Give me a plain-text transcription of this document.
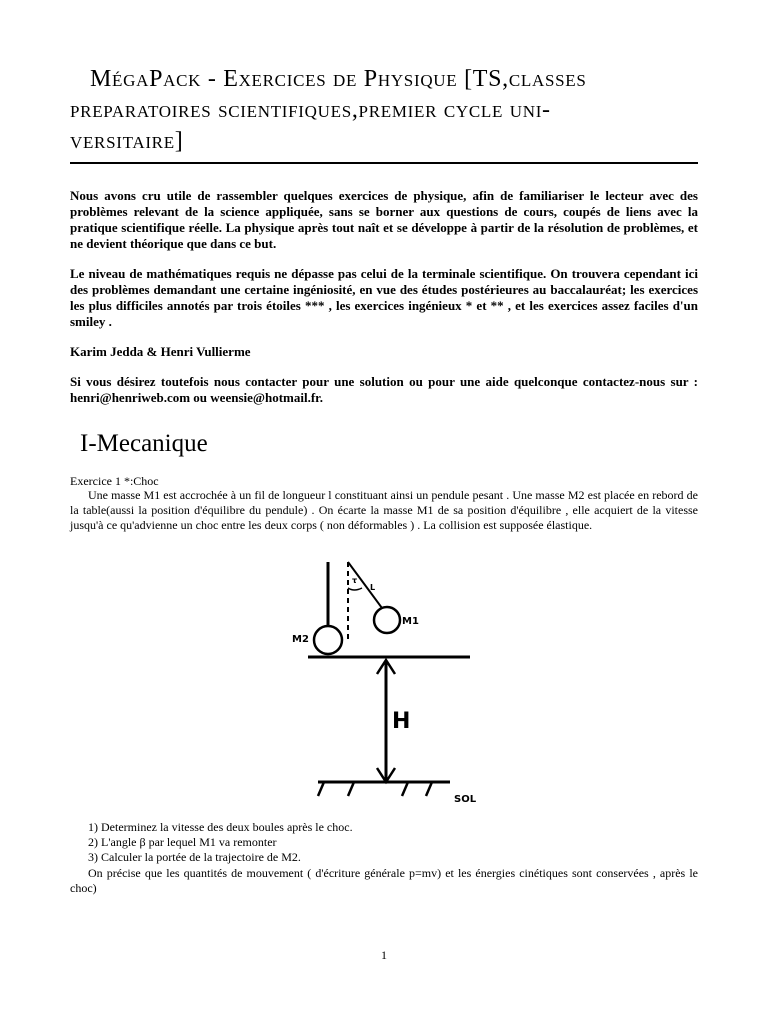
MégaPack - Exercices de Physique [TS,classes
preparatoires scientifiques,premier cycle uni-
versitaire]
Nous avons cru utile de rassembler quelques exercices de physique, afin de familiariser le lecteur avec des problèmes relevant de la science appliquée, sans se borner aux questions de cours, coupés de liens avec la pratique scientifique réelle. La physique après tout naît et se développe à partir de la résolution de problèmes, et ne devient théorique que dans ce but.
Le niveau de mathématiques requis ne dépasse pas celui de la terminale scientifique. On trouvera cependant ici des problèmes demandant une certaine ingéniosité, en vue des études postérieures au baccalauréat; les exercices les plus difficiles annotés par trois étoiles *** , les exercices ingénieux * et ** , et les exercices assez faciles d'un smiley .
Karim Jedda & Henri Vullierme
Si vous désirez toutefois nous contacter pour une solution ou pour une aide quelconque contactez-nous sur : henri@henriweb.com ou weensie@hotmail.fr.
I-Mecanique
Exercice 1 *:Choc
Une masse M1 est accrochée à un fil de longueur l constituant ainsi un pendule pesant . Une masse M2 est placée en rebord de la table(aussi la position d'équilibre du pendule) . On écarte la masse M1 de sa position d'équilibre , elle acquiert de la vitesse jusqu'à ce qu'advienne un choc entre les deux corps ( non déformables ) . La collision est supposée élastique.
τ
L
M2
M1
H
SOL
1) Determinez la vitesse des deux boules après le choc.
2) L'angle β par lequel M1 va remonter
3) Calculer la portée de la trajectoire de M2.
On précise que les quantités de mouvement ( d'écriture générale p=mv) et les énergies cinétiques sont conservées , après le choc)
1
